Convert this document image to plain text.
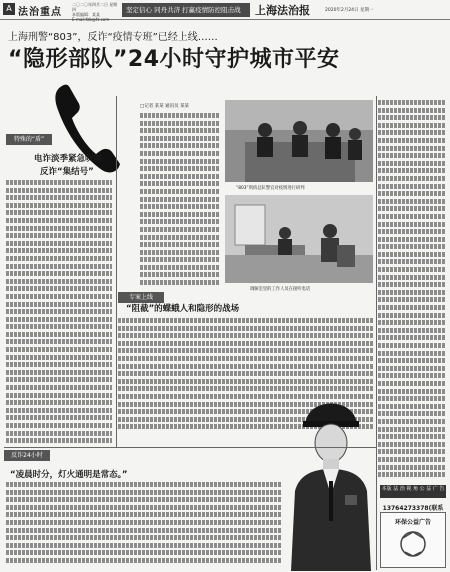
A 法治重点
二〇二〇年四月二日 星期四
本版编辑：某某
E-mail:fzb@fz.com
坚定信心 同舟共济 打赢疫情防控阻击战	上海法治报	2020年2月24日 星期一
上海刑警“803”，反诈“疫情专班”已经上线……
“隐形部队”24小时守护城市平安
特殊的“盾”
电诈淡季紧急吹响
反诈“集结号”
□记者 某某 通讯员 某某
“803”刑侦总队警官对疫情进行研判
调解室里的工作人员在接听电话
专案上线
“阻截”的蝶蛾人和隐形的战场
反诈24小时
“凌晨时分，灯火通明是常态。”
本版 法 治 视 角 公 益 广 告
13764273378(联系
环保公益广告
